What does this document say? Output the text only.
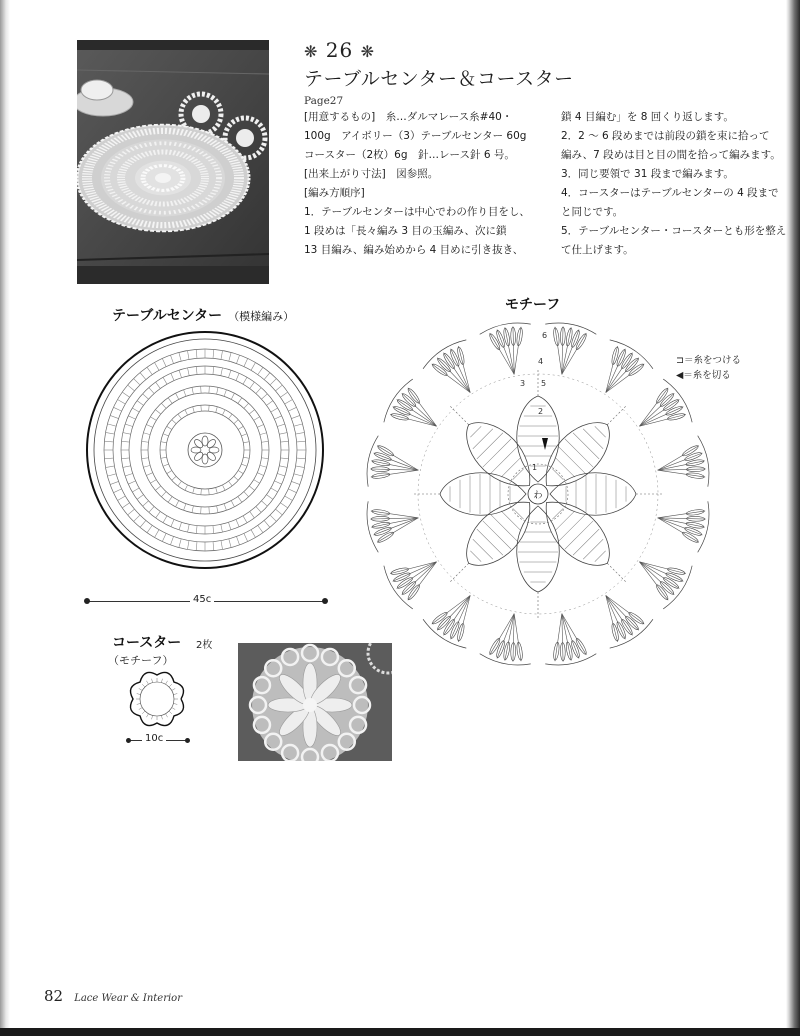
❋ 26 ❋
テーブルセンター＆コースター
Page27
[用意するもの]　糸…ダルマレース糸#40・
100g　アイボリー（3）テーブルセンター 60g
コースター（2枚）6g　針…レース針 6 号。
[出来上がり寸法]　図参照。
[編み方順序]
1．テーブルセンターは中心でわの作り目をし、
1 段めは「長々編み 3 目の玉編み、次に鎖
13 目編み、編み始めから 4 目めに引き抜き、
鎖 4 目編む」を 8 回くり返します。
2．2 ～ 6 段めまでは前段の鎖を束に拾って
編み、7 段めは目と目の間を拾って編みます。
3．同じ要領で 31 段まで編みます。
4．コースターはテーブルセンターの 4 段まで
と同じです。
5．テーブルセンター・コースターとも形を整え
て仕上げます。
テーブルセンター （模様編み）
45c
モチーフ
わ
6
4
3 5
2
1
⊐＝糸をつける
◀＝糸を切る
コースター 2枚
（モチーフ）
10c
82 Lace Wear & Interior
